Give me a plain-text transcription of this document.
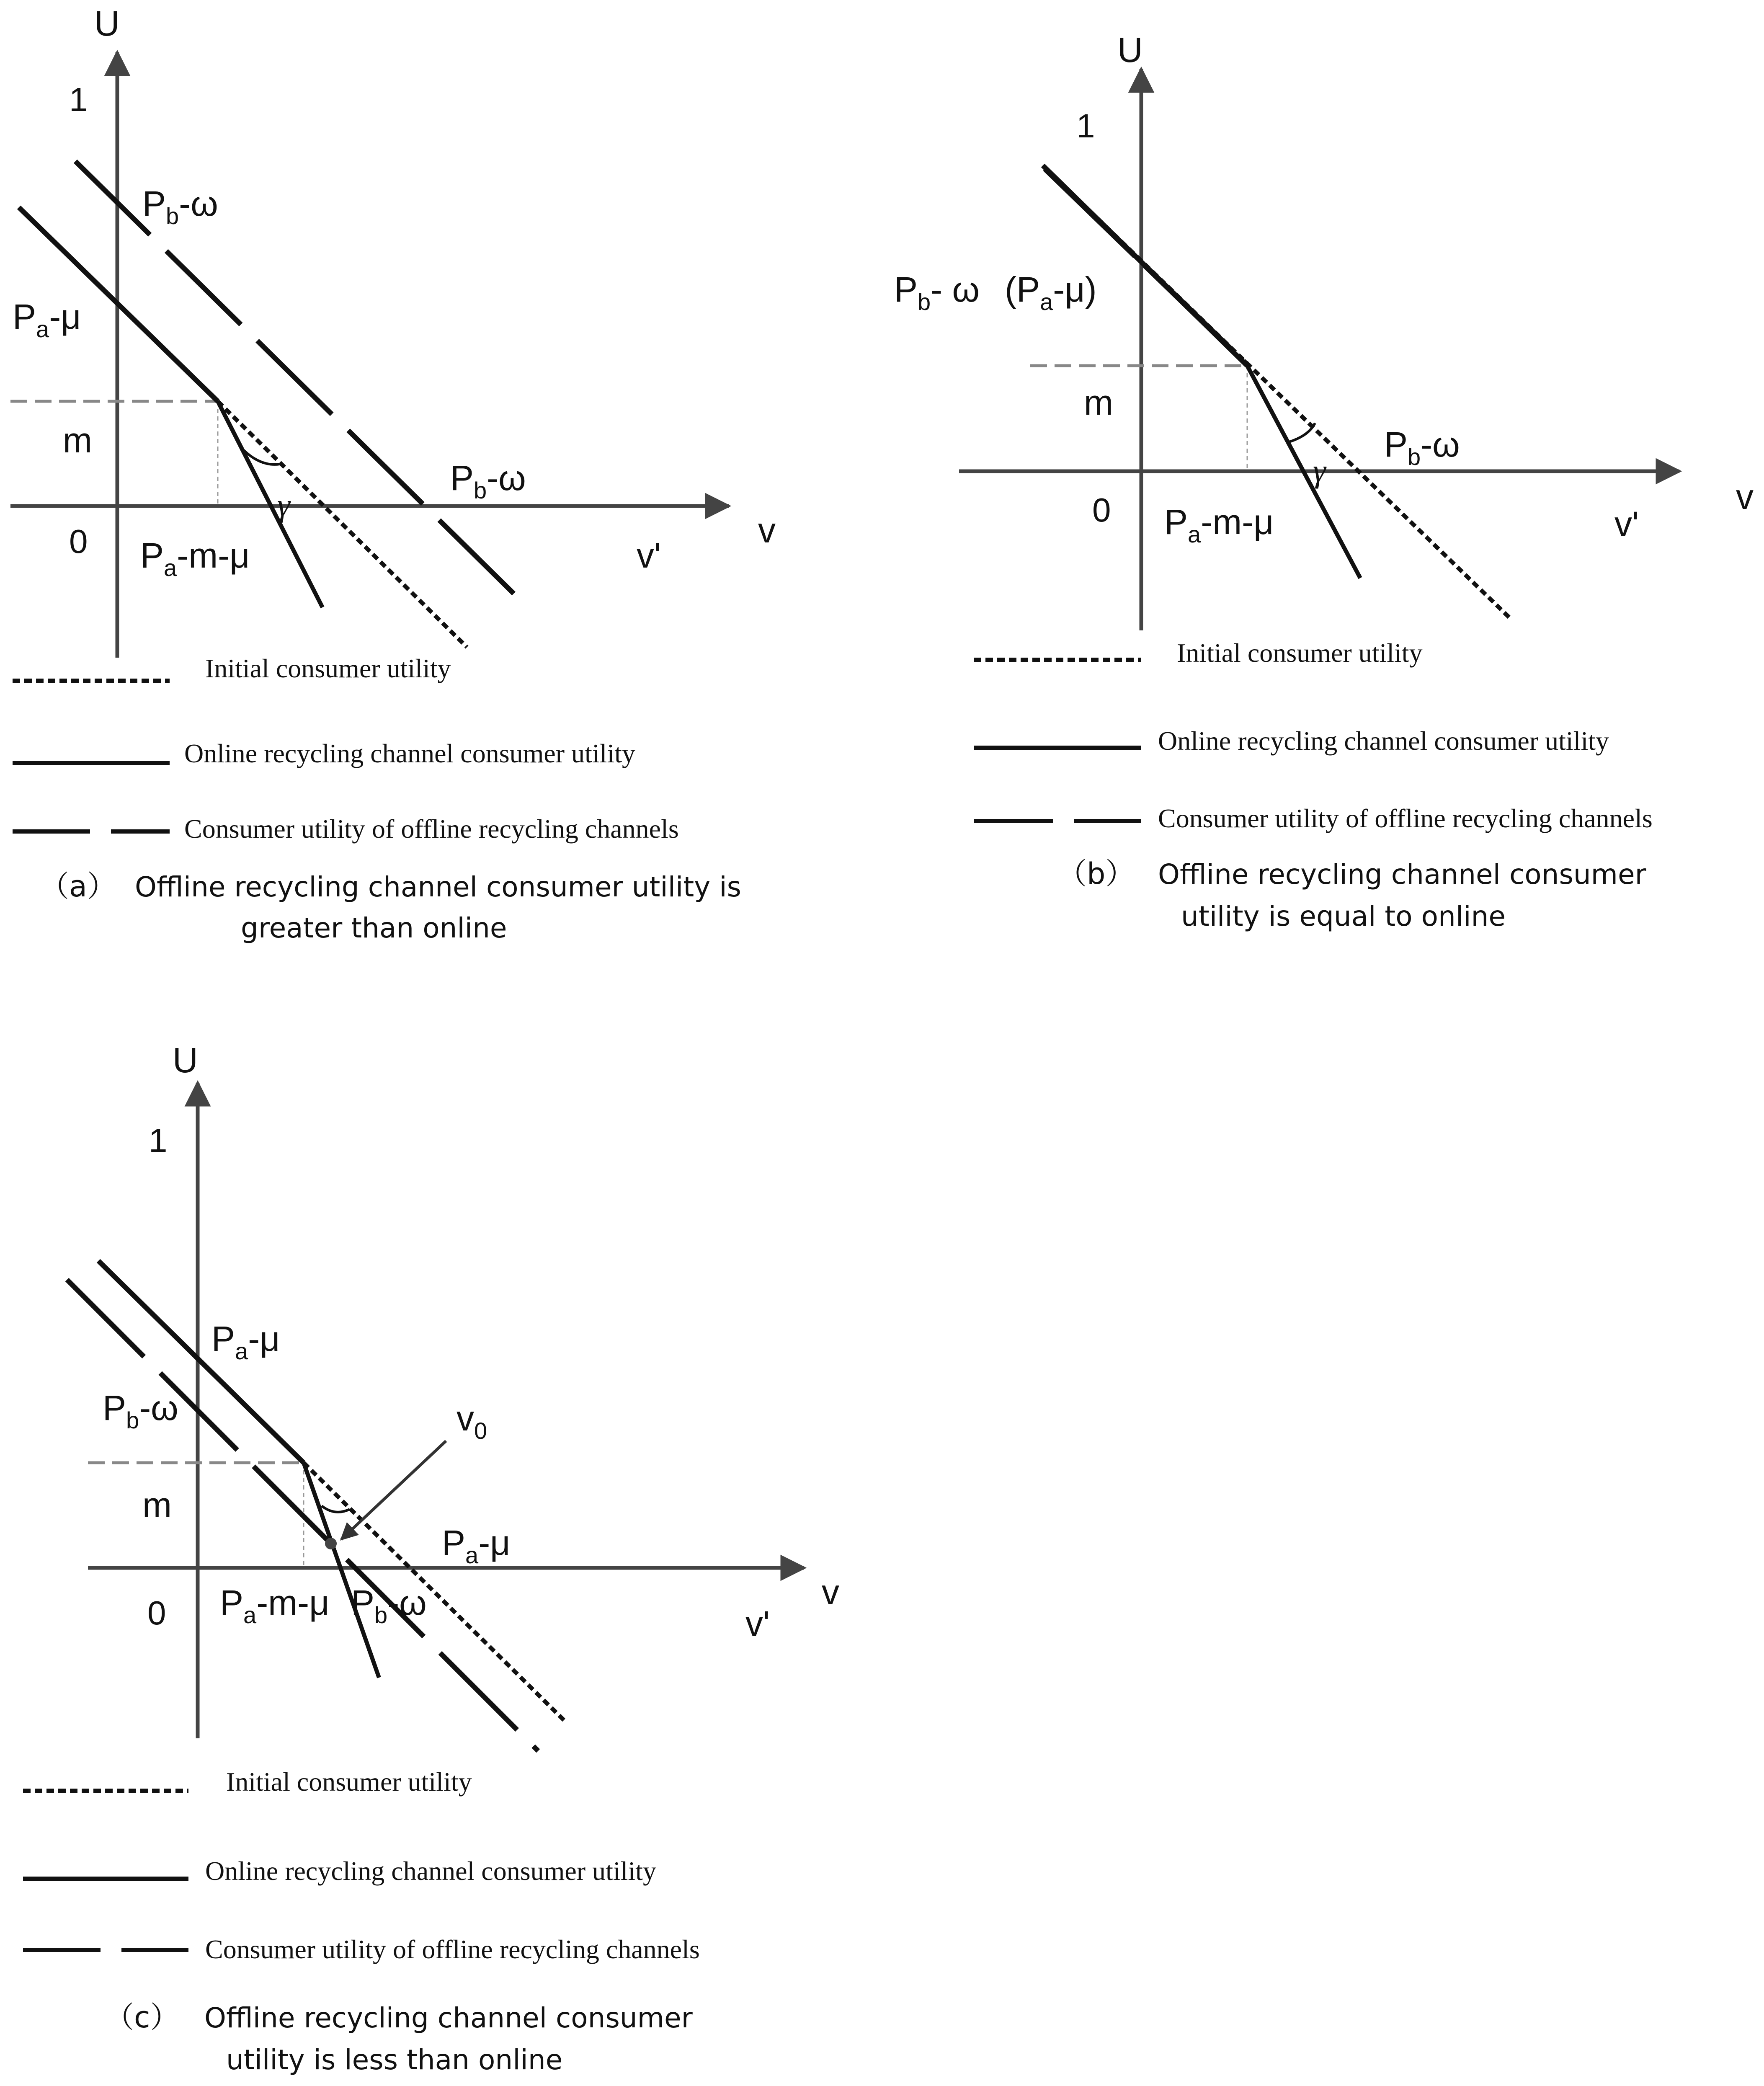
U
1
0
m
v
v'
$P_b-\omega$
$P_a-\mu$
$P_b-\omega$
$P_a-m-\mu$
γ
Initial consumer utility
Online recycling channel consumer utility
Consumer utility of offline recycling channels
（a） Offline recycling channel consumer utility is
greater than online
U
1
0
m
v
v'
$P_b-$ ω $(P_a-\mu)$
$P_b-\omega$
$P_a-m-\mu$
γ
Initial consumer utility
Online recycling channel consumer utility
Consumer utility of offline recycling channels
（b） Offline recycling channel consumer
utility is equal to online
U
1
0
m
v
v'
$P_a-\mu$
$P_b-\omega$	$v_0$
$P_a-\mu$
$P_a-m-\mu$ $P_b-\omega$
Initial consumer utility
Online recycling channel consumer utility
Consumer utility of offline recycling channels
（c） Offline recycling channel consumer
utility is less than online
